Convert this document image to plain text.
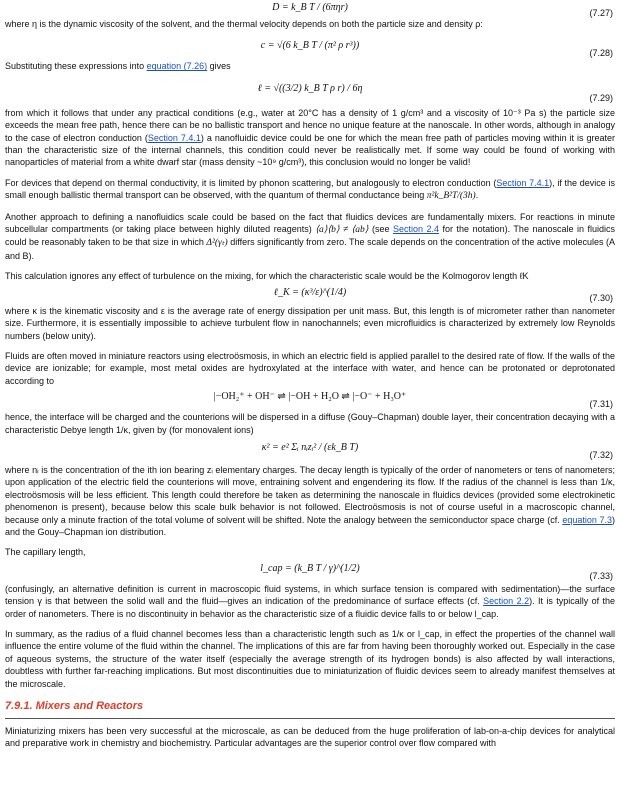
D = k_B T / (6πηr)	(7.27)

where η is the dynamic viscosity of the solvent, and the thermal velocity depends on both the particle size and density ρ:

c = √(6 k_B T / (π² ρ r³))
(7.28)

Substituting these expressions into equation (7.26) gives

ℓ = √((3/2) k_B T ρ r) / 6η
(7.29)

from which it follows that under any practical conditions (e.g., water at 20°C has a density of 1 g/cm³ and a viscosity of 10⁻³ Pa s) the particle size exceeds the mean free path, hence there can be no ballistic transport and hence no unique feature at the nanoscale. In other words, although in analogy to the case of electron conduction (Section 7.4.1) a nanofluidic device could be one for which the mean free path of particles moving within it is greater than the characteristic size of the internal channels, this condition could never be realistically met. If some way could be found of working with nanoparticles of material from a white dwarf star (mass density ~10⁹ g/cm³), this conclusion would no longer be valid!

For devices that depend on thermal conductivity, it is limited by phonon scattering, but analogously to electron conduction (Section 7.4.1), if the device is small enough ballistic thermal transport can be observed, with the quantum of thermal conductance being π²k_B²T/(3h).

Another approach to defining a nanofluidics scale could be based on the fact that fluidics devices are fundamentally mixers. For reactions in minute subcellular compartments (or taking place between highly diluted reagents) ⟨a⟩⟨b⟩ ≠ ⟨ab⟩ (see Section 2.4 for the notation). The nanoscale in fluidics could be reasonably taken to be that size in which Δ²(γₜ) differs significantly from zero. The scale depends on the concentration of the active molecules (A and B).

This calculation ignores any effect of turbulence on the mixing, for which the characteristic scale would be the Kolmogorov length ℓK

ℓ_K = (κ³/ε)^(1/4)	(7.30)

where κ is the kinematic viscosity and ε is the average rate of energy dissipation per unit mass. But, this length is of micrometer rather than nanometer size. Furthermore, it is essentially impossible to achieve turbulent flow in nanochannels; even microfluidics is characterized by extremely low Reynolds numbers (below unity).

Fluids are often moved in miniature reactors using electroösmosis, in which an electric field is applied parallel to the desired rate of flow. If the walls of the device are ionizable; for example, most metal oxides are hydroxylated at the interface with water, and hence can be protonated or deprotonated according to

|−OH₂⁺ + OH⁻ ⇌ |−OH + H₂O ⇌ |−O⁻ + H₃O⁺
(7.31)

hence, the interface will be charged and the counterions will be dispersed in a diffuse (Gouy–Chapman) double layer, their concentration decaying with a characteristic Debye length 1/κ, given by (for monovalent ions)

κ² = e² Σᵢ nᵢzᵢ² / (εk_B T)
(7.32)

where nᵢ is the concentration of the ith ion bearing zᵢ elementary charges. The decay length is typically of the order of nanometers or tens of nanometers; upon application of the electric field the counterions will move, entraining solvent and engendering its flow. If the radius of the channel is less than 1/κ, electroösmosis will be less efficient. This length could therefore be taken as determining the nanoscale in fluidics devices (provided some electrokinetic phenomenon is present), because below this scale bulk behavior is not followed. Electroösmosis is not of course useful in a macroscopic channel, because only a minute fraction of the total volume of solvent will be shifted. Note the analogy between the semiconductor space charge (cf. equation 7.3) and the Gouy–Chapman ion distribution.

The capillary length,

l_cap = (k_B T / γ)^(1/2)
(7.33)

(confusingly, an alternative definition is current in macroscopic fluid systems, in which surface tension is compared with sedimentation)—the surface tension γ is that between the solid wall and the fluid—gives an indication of the predominance of surface effects (cf. Section 2.2). It is typically of the order of nanometers. There is no discontinuity in behavior as the characteristic size of a fluidic device falls to or below l_cap.

In summary, as the radius of a fluid channel becomes less than a characteristic length such as 1/κ or l_cap, in effect the properties of the channel wall influence the entire volume of the fluid within the channel. The implications of this are far from having been thoroughly worked out. Especially in the case of aqueous systems, the structure of the water itself (especially the average strength of its hydrogen bonds) is also affected by wall interactions, doubtless with further far-reaching implications. But most discontinuities due to miniaturization of fluidic devices seem to already manifest themselves at the microscale.

7.9.1. Mixers and Reactors

Miniaturizing mixers has been very successful at the microscale, as can be deduced from the huge proliferation of lab-on-a-chip devices for analytical and preparative work in chemistry and biochemistry. Particular advantages are the superior control over flow compared with
